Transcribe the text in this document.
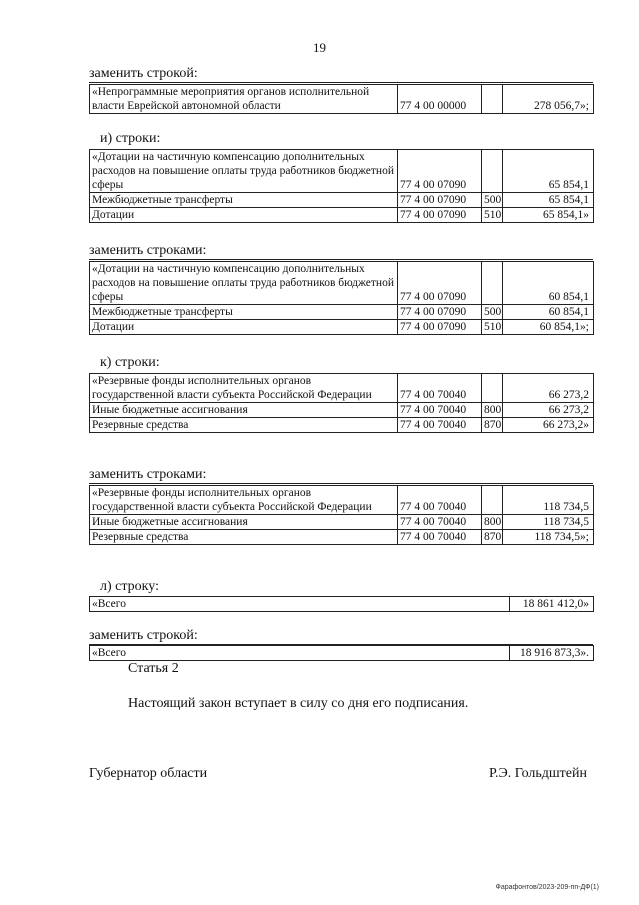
19
заменить строкой:
«Непрограммные мероприятия органов исполнительной власти Еврейской автономной области	77 4 00 00000		278 056,7»;
и) строки:
«Дотации на частичную компенсацию дополнительных расходов на повышение оплаты труда работников бюджетной сферы	77 4 00 07090		65 854,1
Межбюджетные трансферты	77 4 00 07090	500	65 854,1
Дотации	77 4 00 07090	510	65 854,1»
заменить строками:
«Дотации на частичную компенсацию дополнительных расходов на повышение оплаты труда работников бюджетной сферы	77 4 00 07090		60 854,1
Межбюджетные трансферты	77 4 00 07090	500	60 854,1
Дотации	77 4 00 07090	510	60 854,1»;
к) строки:
«Резервные фонды исполнительных органов государственной власти субъекта Российской Федерации	77 4 00 70040		66 273,2
Иные бюджетные ассигнования	77 4 00 70040	800	66 273,2
Резервные средства	77 4 00 70040	870	66 273,2»
заменить строками:
«Резервные фонды исполнительных органов государственной власти субъекта Российской Федерации	77 4 00 70040		118 734,5
Иные бюджетные ассигнования	77 4 00 70040	800	118 734,5
Резервные средства	77 4 00 70040	870	118 734,5»;
л) строку:
«Всего	18 861 412,0»
заменить строкой:
«Всего	18 916 873,3».
Статья 2
Настоящий закон вступает в силу со дня его подписания.
Губернатор области	Р.Э. Гольдштейн
Фарафонтов/2023-209-пп-ДФ(1)
